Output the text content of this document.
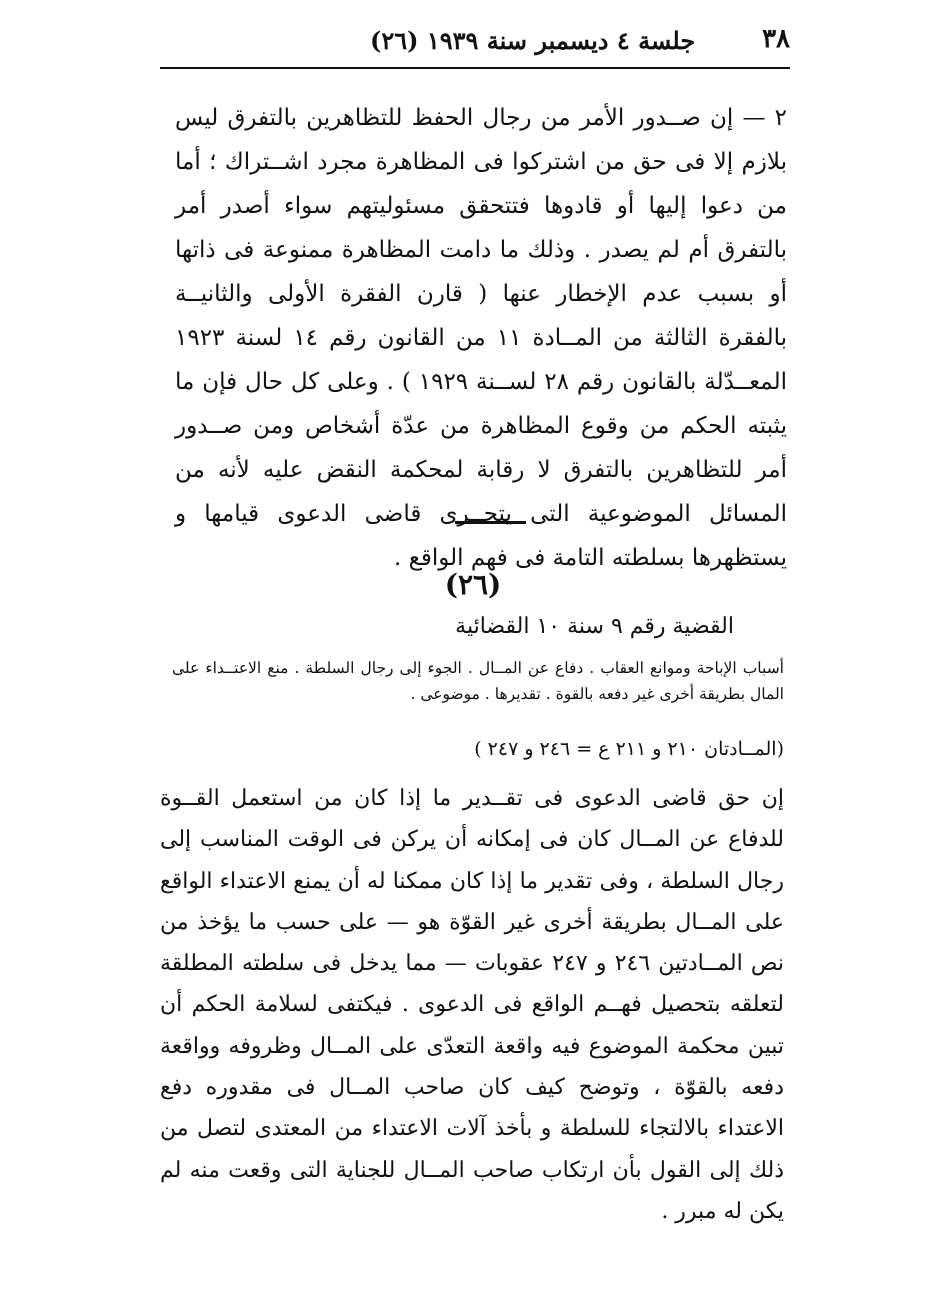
٣٨
جلسة ٤ ديسمبر سنة ١٩٣٩ (٢٦)
٢ — إن صــدور الأمر من رجال الحفظ للتظاهرين بالتفرق ليس بلازم إلا فى حق من اشتركوا فى المظاهرة مجرد اشــتراك ؛ أما من دعوا إليها أو قادوها فتتحقق مسئوليتهم سواء أصدر أمر بالتفرق أم لم يصدر . وذلك ما دامت المظاهرة ممنوعة فى ذاتها أو بسبب عدم الإخطار عنها ( قارن الفقرة الأولى والثانيــة بالفقرة الثالثة من المــادة ١١ من القانون رقم ١٤ لسنة ١٩٢٣ المعــدّلة بالقانون رقم ٢٨ لســنة ١٩٢٩ ) . وعلى كل حال فإن ما يثبته الحكم من وقوع المظاهرة من عدّة أشخاص ومن صــدور أمر للتظاهرين بالتفرق لا رقابة لمحكمة النقض عليه لأنه من المسائل الموضوعية التى يتحــرى قاضى الدعوى قيامها و يستظهرها بسلطته التامة فى فهم الواقع .
(٢٦)
القضية رقم ٩ سنة ١٠ القضائية
أسباب الإباحة وموانع العقاب . دفاع عن المــال . الجوء إلى رجال السلطة . منع الاعتــداء على المال بطريقة أخرى غير دفعه بالقوة . تقديرها . موضوعى .
(المــادتان ٢١٠ و ٢١١ ع = ٢٤٦ و ٢٤٧ )
إن حق قاضى الدعوى فى تقــدير ما إذا كان من استعمل القــوة للدفاع عن المــال كان فى إمكانه أن يركن فى الوقت المناسب إلى رجال السلطة ، وفى تقدير ما إذا كان ممكنا له أن يمنع الاعتداء الواقع على المــال بطريقة أخرى غير القوّة هو — على حسب ما يؤخذ من نص المــادتين ٢٤٦ و ٢٤٧ عقوبات — مما يدخل فى سلطته المطلقة لتعلقه بتحصيل فهــم الواقع فى الدعوى . فيكتفى لسلامة الحكم أن تبين محكمة الموضوع فيه واقعة التعدّى على المــال وظروفه وواقعة دفعه بالقوّة ، وتوضح كيف كان صاحب المــال فى مقدوره دفع الاعتداء بالالتجاء للسلطة و بأخذ آلات الاعتداء من المعتدى لتصل من ذلك إلى القول بأن ارتكاب صاحب المــال للجناية التى وقعت منه لم يكن له مبرر .
